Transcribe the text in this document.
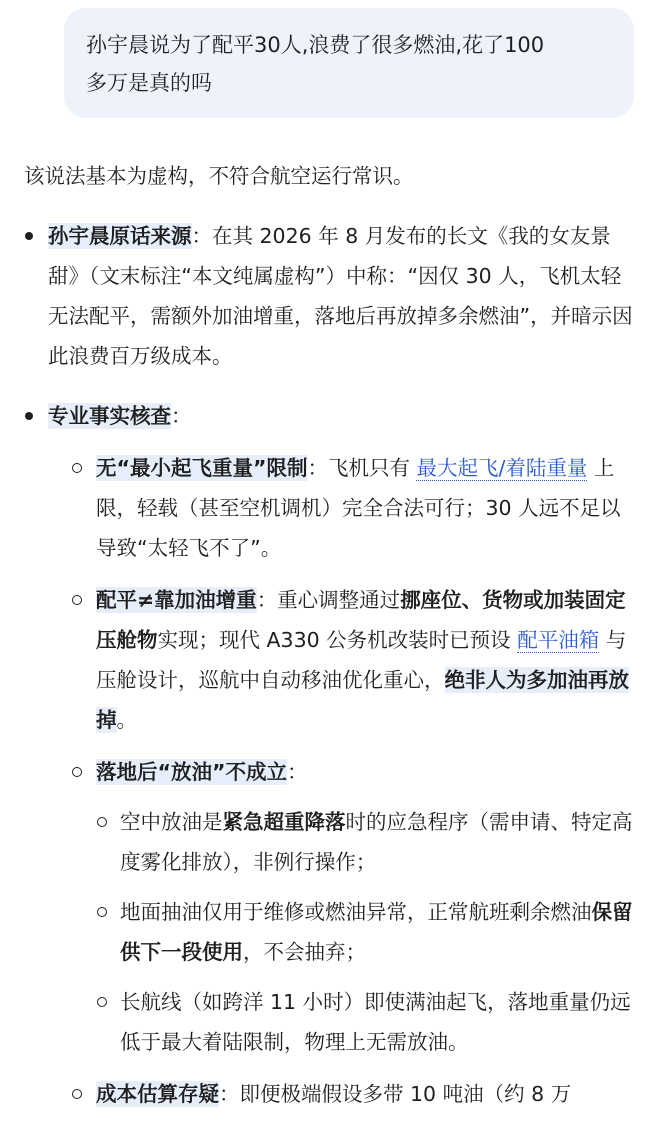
孙宇晨说为了配平30人,浪费了很多燃油,花了100
多万是真的吗

该说法基本为虚构，不符合航空运行常识。

孙宇晨原话来源：在其 2026 年 8 月发布的长文《我的女友景甜》（文末标注“本文纯属虚构”）中称：“因仅 30 人，飞机太轻无法配平，需额外加油增重，落地后再放掉多余燃油”，并暗示因此浪费百万级成本。
专业事实核查：
无“最小起飞重量”限制：飞机只有 最大起飞/着陆重量 上限，轻载（甚至空机调机）完全合法可行；30 人远不足以导致“太轻飞不了”。
配平≠靠加油增重：重心调整通过挪座位、货物或加装固定压舱物实现；现代 A330 公务机改装时已预设 配平油箱 与压舱设计，巡航中自动移油优化重心，绝非人为多加油再放掉。
落地后“放油”不成立：
空中放油是紧急超重降落时的应急程序（需申请、特定高度雾化排放），非例行操作；
地面抽油仅用于维修或燃油异常，正常航班剩余燃油保留供下一段使用，不会抽弃；
长航线（如跨洋 11 小时）即使满油起飞，落地重量仍远低于最大着陆限制，物理上无需放油。
成本估算存疑：即便极端假设多带 10 吨油（约 8 万
